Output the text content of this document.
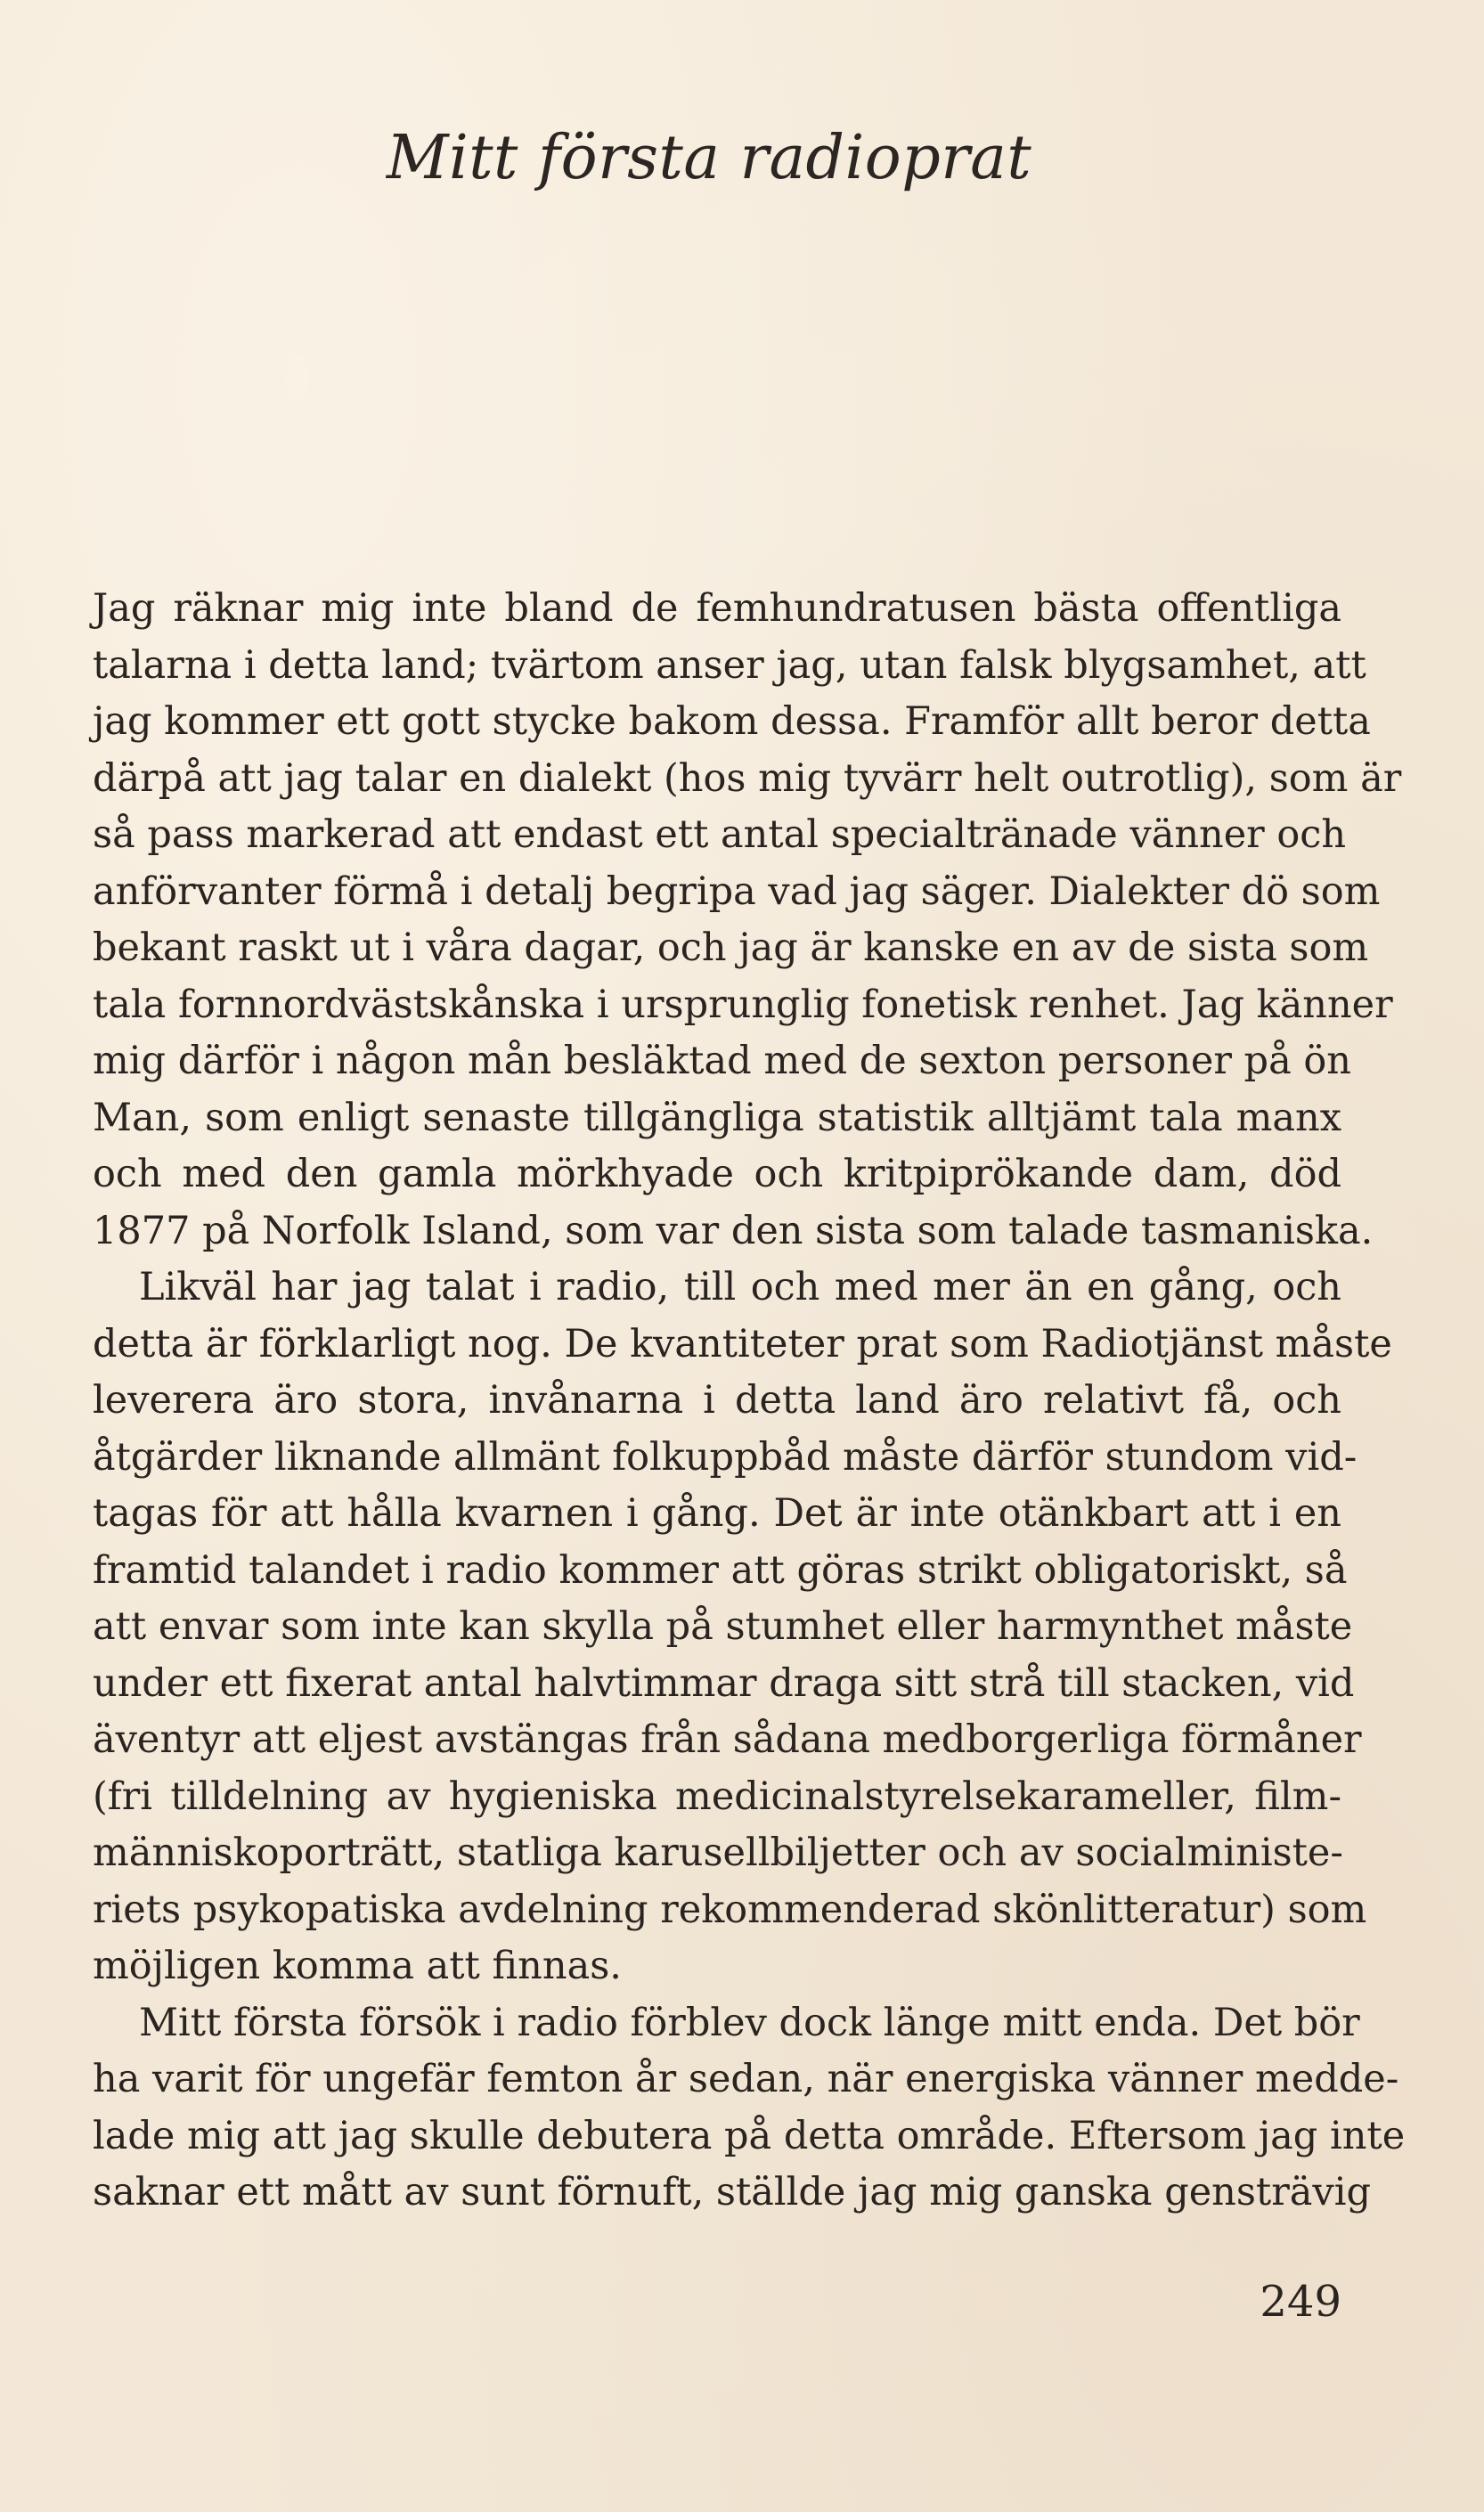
Mitt första radioprat
Jag räknar mig inte bland de femhundratusen bästa offentliga
talarna i detta land; tvärtom anser jag, utan falsk blygsamhet, att
jag kommer ett gott stycke bakom dessa. Framför allt beror detta
därpå att jag talar en dialekt (hos mig tyvärr helt outrotlig), som är
så pass markerad att endast ett antal specialtränade vänner och
anförvanter förmå i detalj begripa vad jag säger. Dialekter dö som
bekant raskt ut i våra dagar, och jag är kanske en av de sista som
tala fornnordvästskånska i ursprunglig fonetisk renhet. Jag känner
mig därför i någon mån besläktad med de sexton personer på ön
Man, som enligt senaste tillgängliga statistik alltjämt tala manx
och med den gamla mörkhyade och kritpiprökande dam, död
1877 på Norfolk Island, som var den sista som talade tasmaniska.
Likväl har jag talat i radio, till och med mer än en gång, och
detta är förklarligt nog. De kvantiteter prat som Radiotjänst måste
leverera äro stora, invånarna i detta land äro relativt få, och
åtgärder liknande allmänt folkuppbåd måste därför stundom vid-
tagas för att hålla kvarnen i gång. Det är inte otänkbart att i en
framtid talandet i radio kommer att göras strikt obligatoriskt, så
att envar som inte kan skylla på stumhet eller harmynthet måste
under ett fixerat antal halvtimmar draga sitt strå till stacken, vid
äventyr att eljest avstängas från sådana medborgerliga förmåner
(fri tilldelning av hygieniska medicinalstyrelsekarameller, film-
människoporträtt, statliga karusellbiljetter och av socialministe-
riets psykopatiska avdelning rekommenderad skönlitteratur) som
möjligen komma att finnas.
Mitt första försök i radio förblev dock länge mitt enda. Det bör
ha varit för ungefär femton år sedan, när energiska vänner medde-
lade mig att jag skulle debutera på detta område. Eftersom jag inte
saknar ett mått av sunt förnuft, ställde jag mig ganska gensträvig
249
